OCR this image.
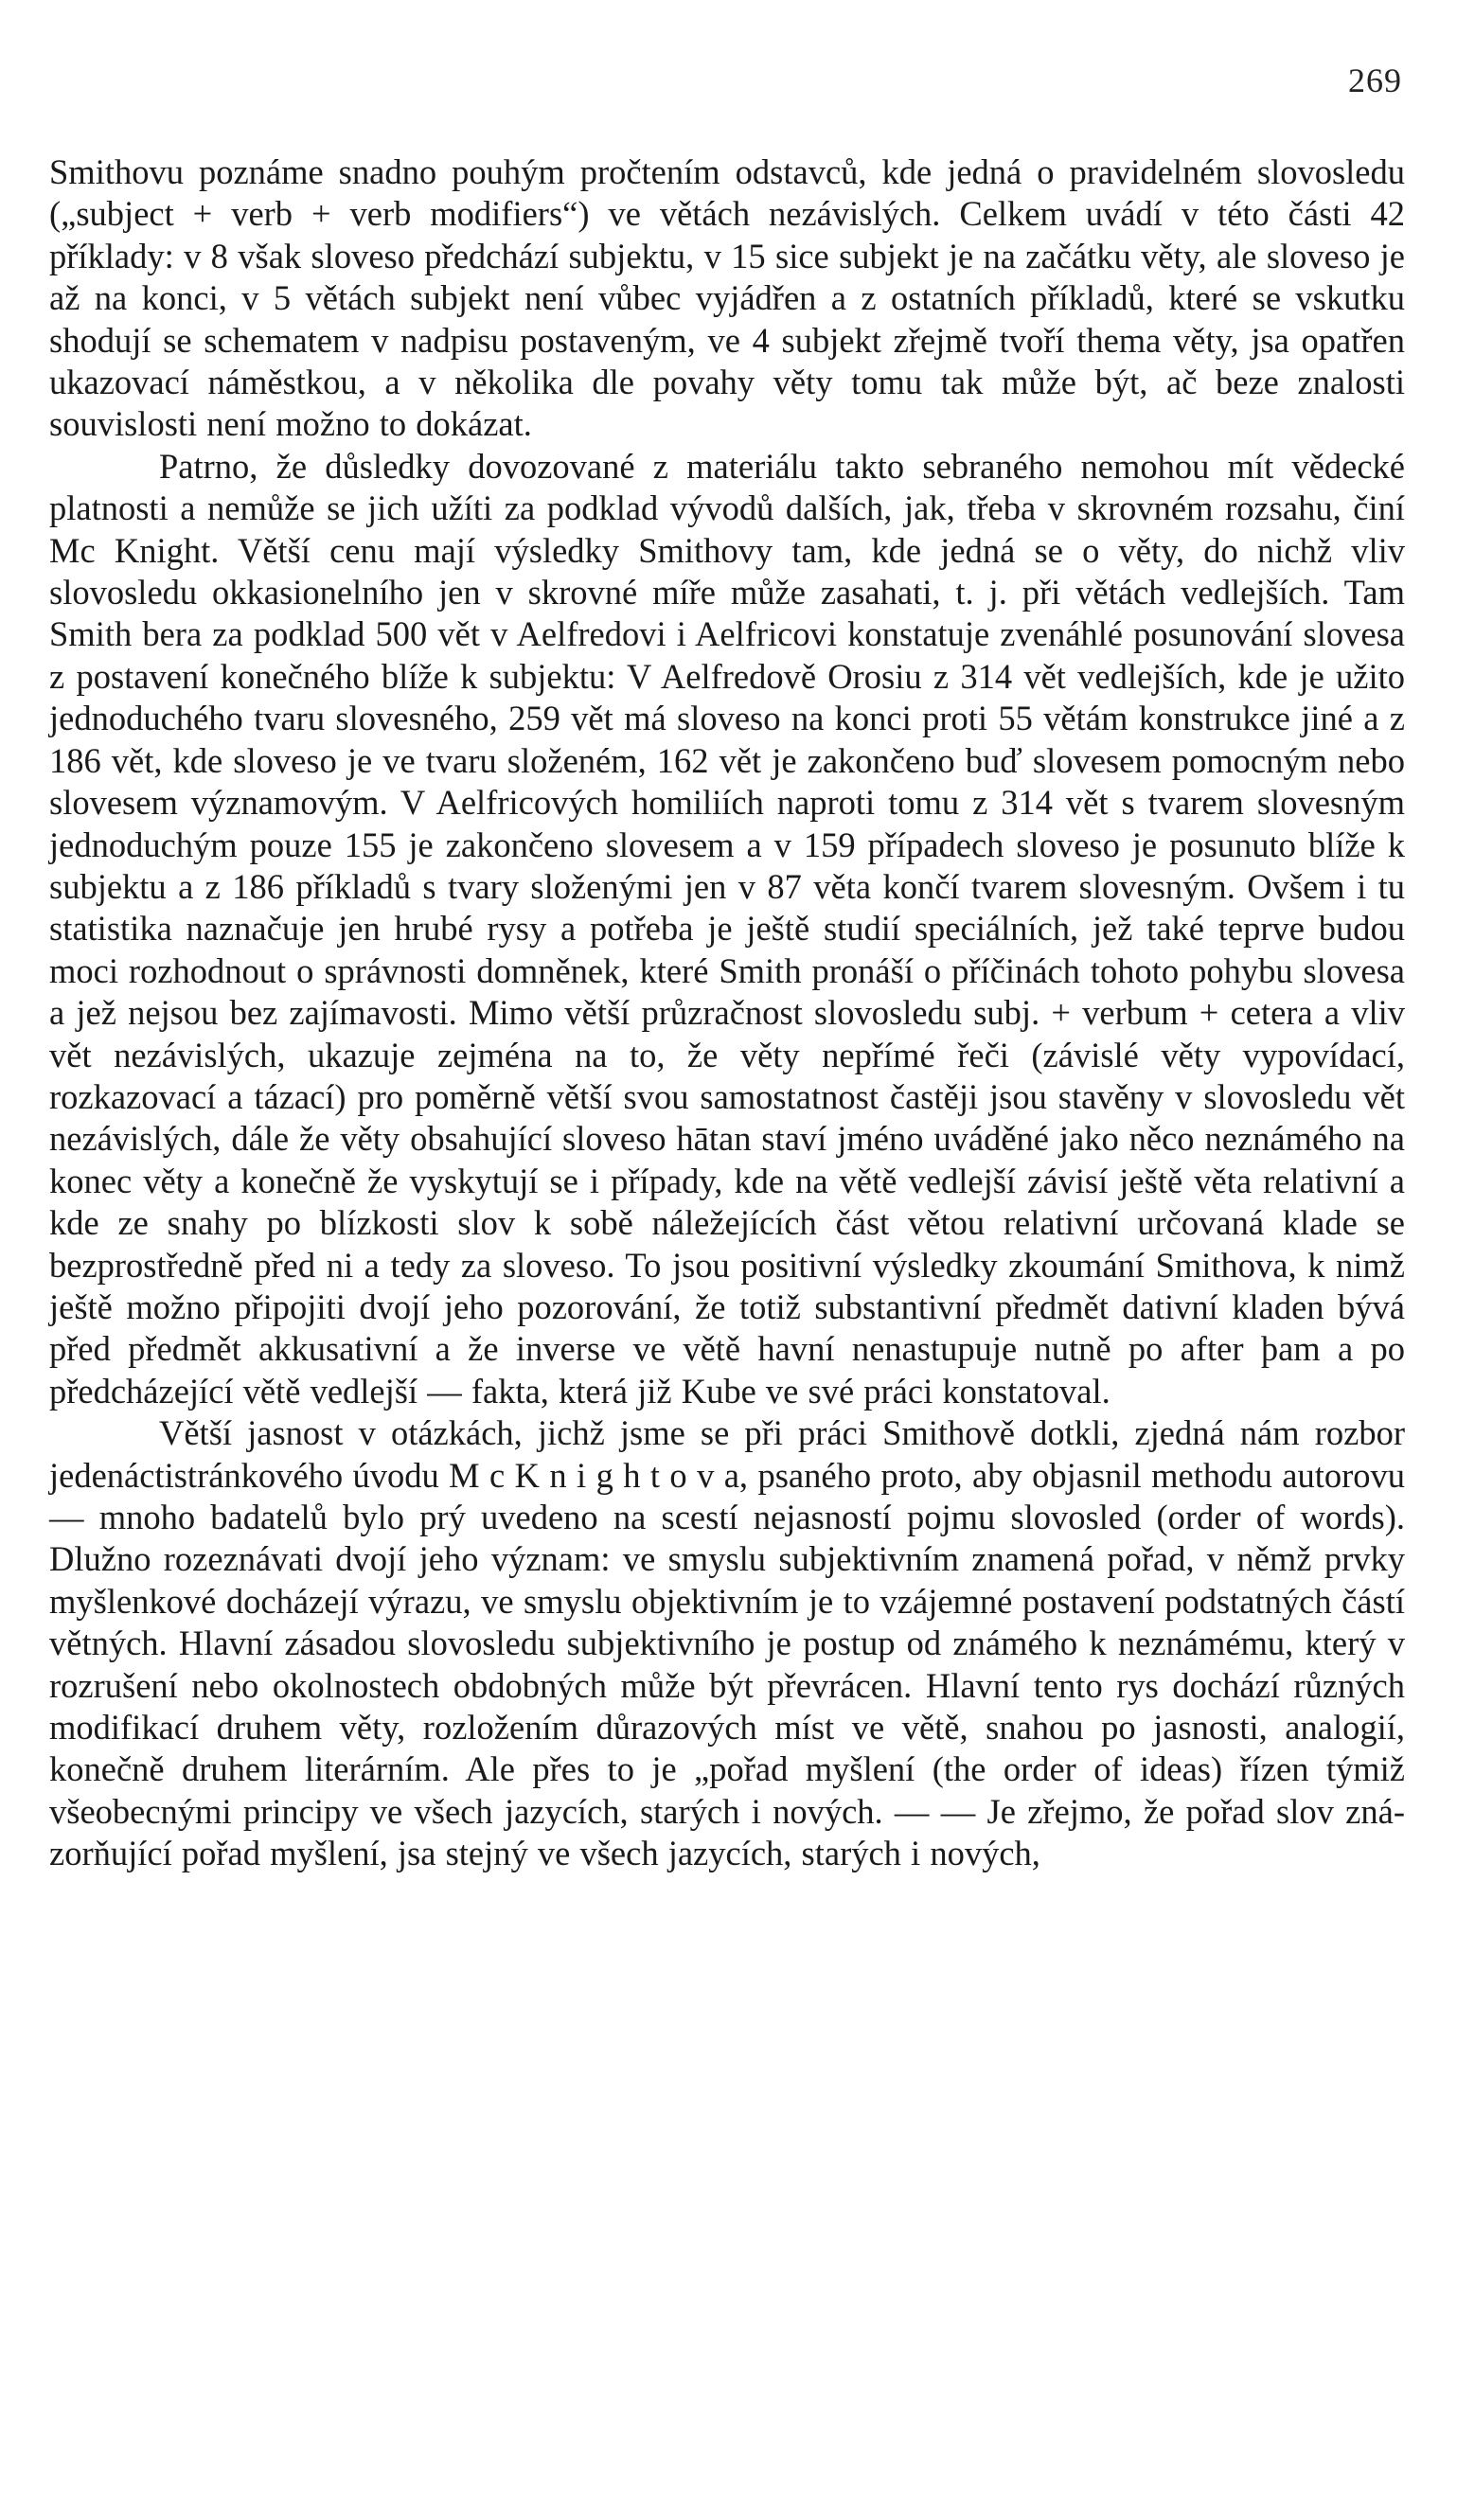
269

Smithovu poznáme snadno pouhým pročtením odstavců, kde jedná o pravidelném slovosledu („subject + verb + verb modifiers“) ve větách nezávislých. Celkem uvádí v této části 42 příklady: v 8 však sloveso předchází subjektu, v 15 sice subjekt je na začátku věty, ale sloveso je až na konci, v 5 větách subjekt není vůbec vyjádřen a z ostatních příkladů, které se vskutku shodují se schematem v nadpisu postaveným, ve 4 subjekt zřejmě tvoří thema věty, jsa opatřen ukazovací náměstkou, a v několika dle povahy věty tomu tak může být, ač beze znalosti souvislosti není možno to dokázat.

Patrno, že důsledky dovozované z materiálu takto sebraného nemohou mít vědecké platnosti a nemůže se jich užíti za podklad vývodů dalších, jak, třeba v skrovném rozsahu, činí Mc Knight. Větší cenu mají výsledky Smithovy tam, kde jedná se o věty, do nichž vliv slovosledu okkasionelního jen v skrovné míře může zasahati, t. j. při větách vedlejších. Tam Smith bera za podklad 500 vět v Aelfredovi i Aelfricovi konstatuje zvenáhlé posunování slovesa z postavení konečného blíže k subjektu: V Aelfredově Orosiu z 314 vět vedlejších, kde je užito jednoduchého tvaru slovesného, 259 vět má sloveso na konci proti 55 větám konstrukce jiné a z 186 vět, kde sloveso je ve tvaru složeném, 162 vět je zakončeno buď slovesem pomocným nebo slovesem významovým. V Aelfricových homiliích naproti tomu z 314 vět s tvarem slovesným jednoduchým pouze 155 je zakončeno slovesem a v 159 případech sloveso je posunuto blíže k subjektu a z 186 příkladů s tvary složenými jen v 87 věta končí tvarem slovesným. Ovšem i tu statistika naznačuje jen hrubé rysy a potřeba je ještě studií speciálních, jež také teprve budou moci rozhodnout o správnosti domněnek, které Smith pronáší o příčinách tohoto pohybu slovesa a jež nejsou bez zajímavosti. Mimo větší průzračnost slovosledu subj. + verbum + cetera a vliv vět nezávislých, ukazuje zejména na to, že věty nepřímé řeči (závislé věty vypovídací, rozkazovací a tázací) pro poměrně větší svou samostatnost častěji jsou stavěny v slovosledu vět nezávislých, dále že věty obsahující sloveso hātan staví jméno uváděné jako něco neznámého na konec věty a konečně že vyskytují se i případy, kde na větě vedlejší závisí ještě věta relativní a kde ze snahy po blízkosti slov k sobě náležejících část větou relativní určovaná klade se bezprostředně před ni a tedy za sloveso. To jsou positivní výsledky zkoumání Smithova, k nimž ještě možno připojiti dvojí jeho pozorování, že totiž substantivní předmět dativní kladen bývá před předmět akkusativní a že inverse ve větě havní nenastupuje nutně po after þam a po předcházející větě vedlejší — fakta, která již Kube ve své práci konstatoval.

Větší jasnost v otázkách, jichž jsme se při práci Smithově dotkli, zjedná nám rozbor jedenáctistránkového úvodu M c K n i g h t o v a, psaného proto, aby objasnil methodu autorovu — mnoho badatelů bylo prý uvedeno na scestí nejasností pojmu slovosled (order of words). Dlužno rozeznávati dvojí jeho význam: ve smyslu subjektivním znamená pořad, v němž prvky myšlenkové docházejí výrazu, ve smyslu objektivním je to vzájemné postavení podstatných částí větných. Hlavní zásadou slovosledu subjektivního je postup od známého k neznámému, který v rozrušení nebo okolnostech obdobných může být převrácen. Hlavní tento rys dochází různých modifikací druhem věty, rozložením důrazových míst ve větě, snahou po jasnosti, analogií, konečně druhem literárním. Ale přes to je „pořad myšlení (the order of ideas) řízen týmiž všeobecnými principy ve všech jazycích, starých i nových. — — Je zřejmo, že pořad slov znázorňující pořad myšlení, jsa stejný ve všech jazycích, starých i nových,
